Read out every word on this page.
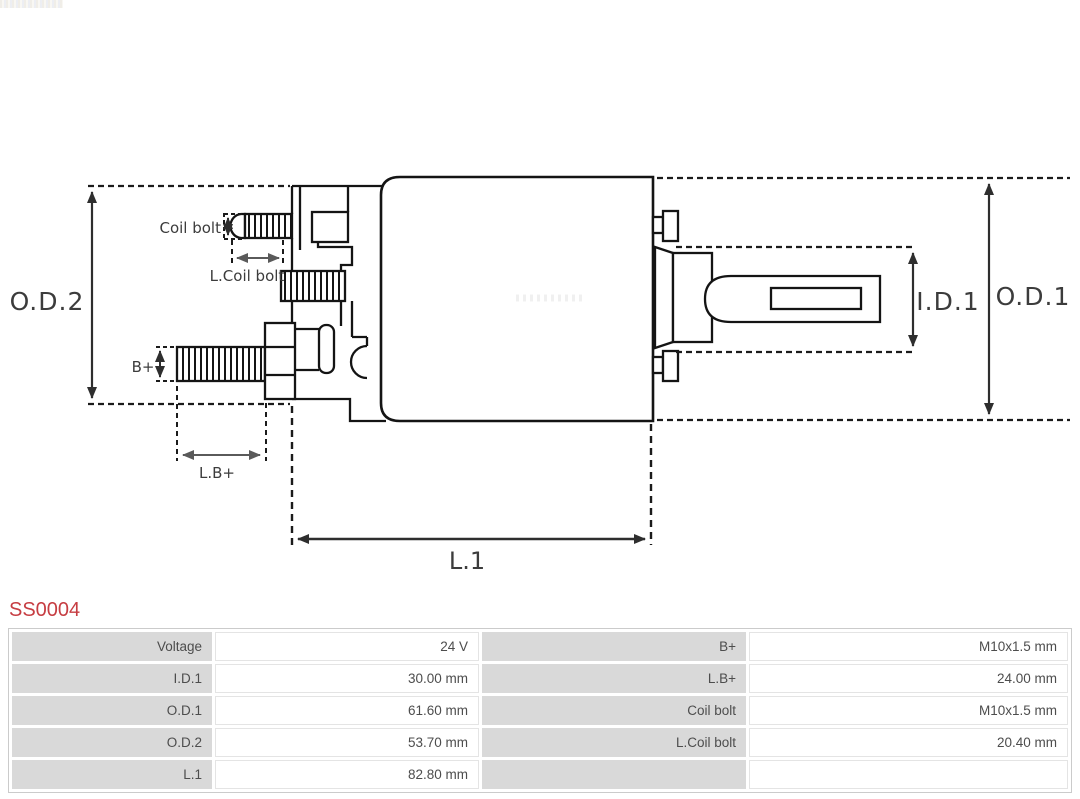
O.D.2	O.D.1
I.D.1
L.1
L.B+
L.Coil bolt
Coil bolt
B+
SS0004
Voltage	24 V	B+	M10x1.5 mm
I.D.1	30.00 mm	L.B+	24.00 mm
O.D.1	61.60 mm	Coil bolt	M10x1.5 mm
O.D.2	53.70 mm	L.Coil bolt	20.40 mm
L.1	82.80 mm		
